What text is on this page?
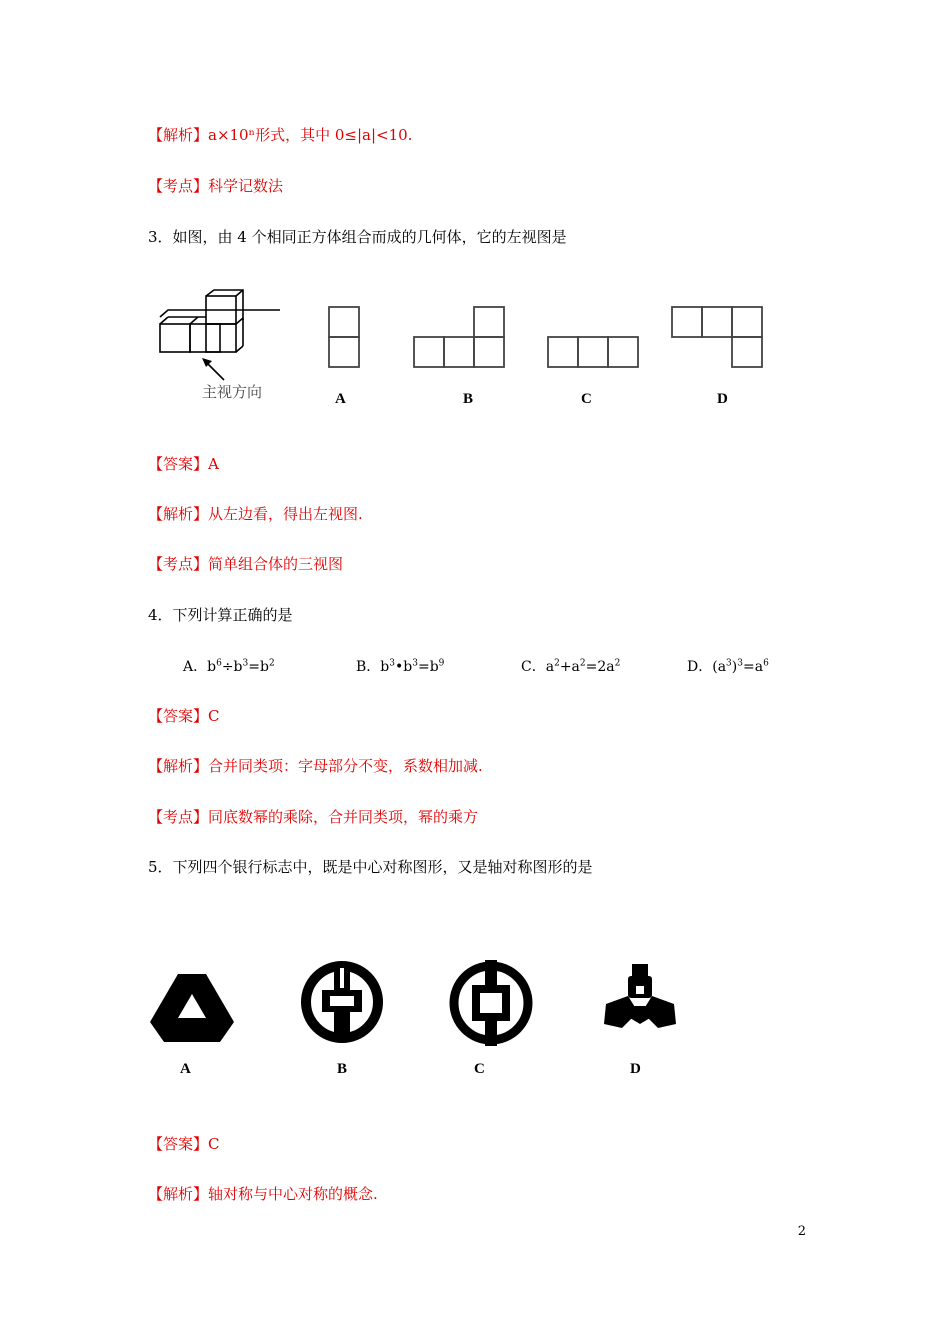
【解析】a×10ⁿ形式，其中 0≤|a|<10.
【考点】科学记数法
3．如图，由 4 个相同正方体组合而成的几何体，它的左视图是
主视方向	A	B	C	D
【答案】A
【解析】从左边看，得出左视图.
【考点】简单组合体的三视图
4．下列计算正确的是
A．$b^6\div b^3=b^2$	B．$b^3•b^3=b^9$	C．$a^2+a^2=2a^2$	D．$(a^3)^3=a^6$
【答案】C
【解析】合并同类项：字母部分不变，系数相加减.
【考点】同底数幂的乘除，合并同类项，幂的乘方
5．下列四个银行标志中，既是中心对称图形，又是轴对称图形的是
A	B	C	D
【答案】C
【解析】轴对称与中心对称的概念.
2
